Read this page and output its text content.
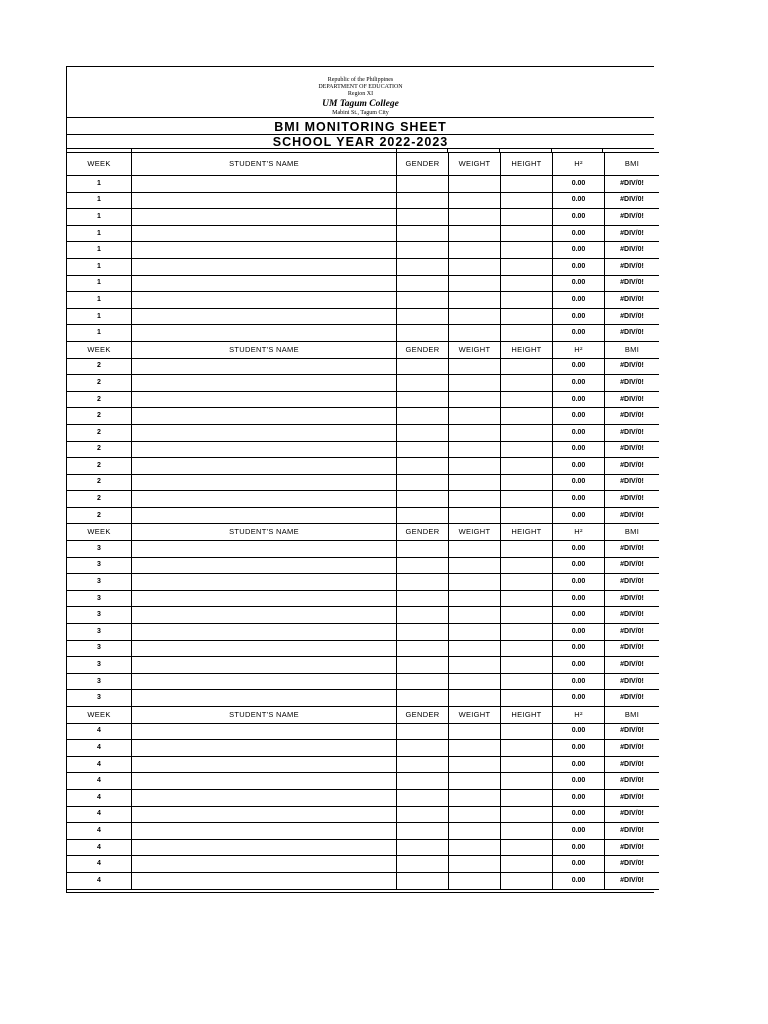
Republic of the Philippines
DEPARTMENT OF EDUCATION
Region XI
UM Tagum College
Mabini St., Tagum City
BMI MONITORING SHEET
SCHOOL YEAR 2022-2023
WEEK	STUDENT'S NAME	GENDER	WEIGHT	HEIGHT	H²	BMI
1					0.00	#DIV/0!
1					0.00	#DIV/0!
1					0.00	#DIV/0!
1					0.00	#DIV/0!
1					0.00	#DIV/0!
1					0.00	#DIV/0!
1					0.00	#DIV/0!
1					0.00	#DIV/0!
1					0.00	#DIV/0!
1					0.00	#DIV/0!
WEEK	STUDENT'S NAME	GENDER	WEIGHT	HEIGHT	H²	BMI
2					0.00	#DIV/0!
2					0.00	#DIV/0!
2					0.00	#DIV/0!
2					0.00	#DIV/0!
2					0.00	#DIV/0!
2					0.00	#DIV/0!
2					0.00	#DIV/0!
2					0.00	#DIV/0!
2					0.00	#DIV/0!
2					0.00	#DIV/0!
WEEK	STUDENT'S NAME	GENDER	WEIGHT	HEIGHT	H²	BMI
3					0.00	#DIV/0!
3					0.00	#DIV/0!
3					0.00	#DIV/0!
3					0.00	#DIV/0!
3					0.00	#DIV/0!
3					0.00	#DIV/0!
3					0.00	#DIV/0!
3					0.00	#DIV/0!
3					0.00	#DIV/0!
3					0.00	#DIV/0!
WEEK	STUDENT'S NAME	GENDER	WEIGHT	HEIGHT	H²	BMI
4					0.00	#DIV/0!
4					0.00	#DIV/0!
4					0.00	#DIV/0!
4					0.00	#DIV/0!
4					0.00	#DIV/0!
4					0.00	#DIV/0!
4					0.00	#DIV/0!
4					0.00	#DIV/0!
4					0.00	#DIV/0!
4					0.00	#DIV/0!
